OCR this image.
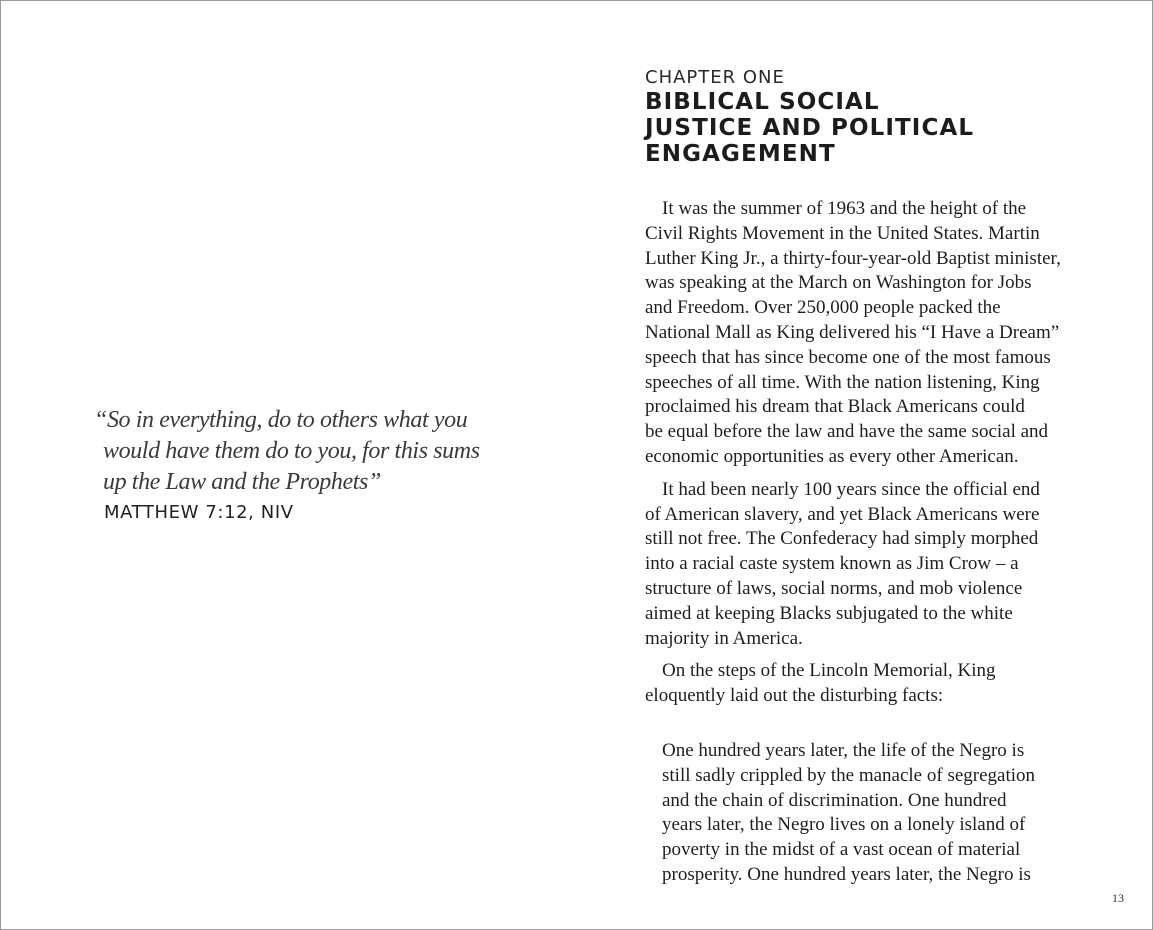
“So in everything, do to others what you
would have them do to you, for this sums
up the Law and the Prophets”

MATTHEW 7:12, NIV
CHAPTER ONE
BIBLICAL SOCIAL
JUSTICE AND POLITICAL
ENGAGEMENT

It was the summer of 1963 and the height of the
Civil Rights Movement in the United States. Martin
Luther King Jr., a thirty-four-year-old Baptist minister,
was speaking at the March on Washington for Jobs
and Freedom. Over 250,000 people packed the
National Mall as King delivered his “I Have a Dream”
speech that has since become one of the most famous
speeches of all time. With the nation listening, King
proclaimed his dream that Black Americans could
be equal before the law and have the same social and
economic opportunities as every other American.

It had been nearly 100 years since the official end
of American slavery, and yet Black Americans were
still not free. The Confederacy had simply morphed
into a racial caste system known as Jim Crow – a
structure of laws, social norms, and mob violence
aimed at keeping Blacks subjugated to the white
majority in America.

On the steps of the Lincoln Memorial, King
eloquently laid out the disturbing facts:

One hundred years later, the life of the Negro is
still sadly crippled by the manacle of segregation
and the chain of discrimination. One hundred
years later, the Negro lives on a lonely island of
poverty in the midst of a vast ocean of material
prosperity. One hundred years later, the Negro is
13
